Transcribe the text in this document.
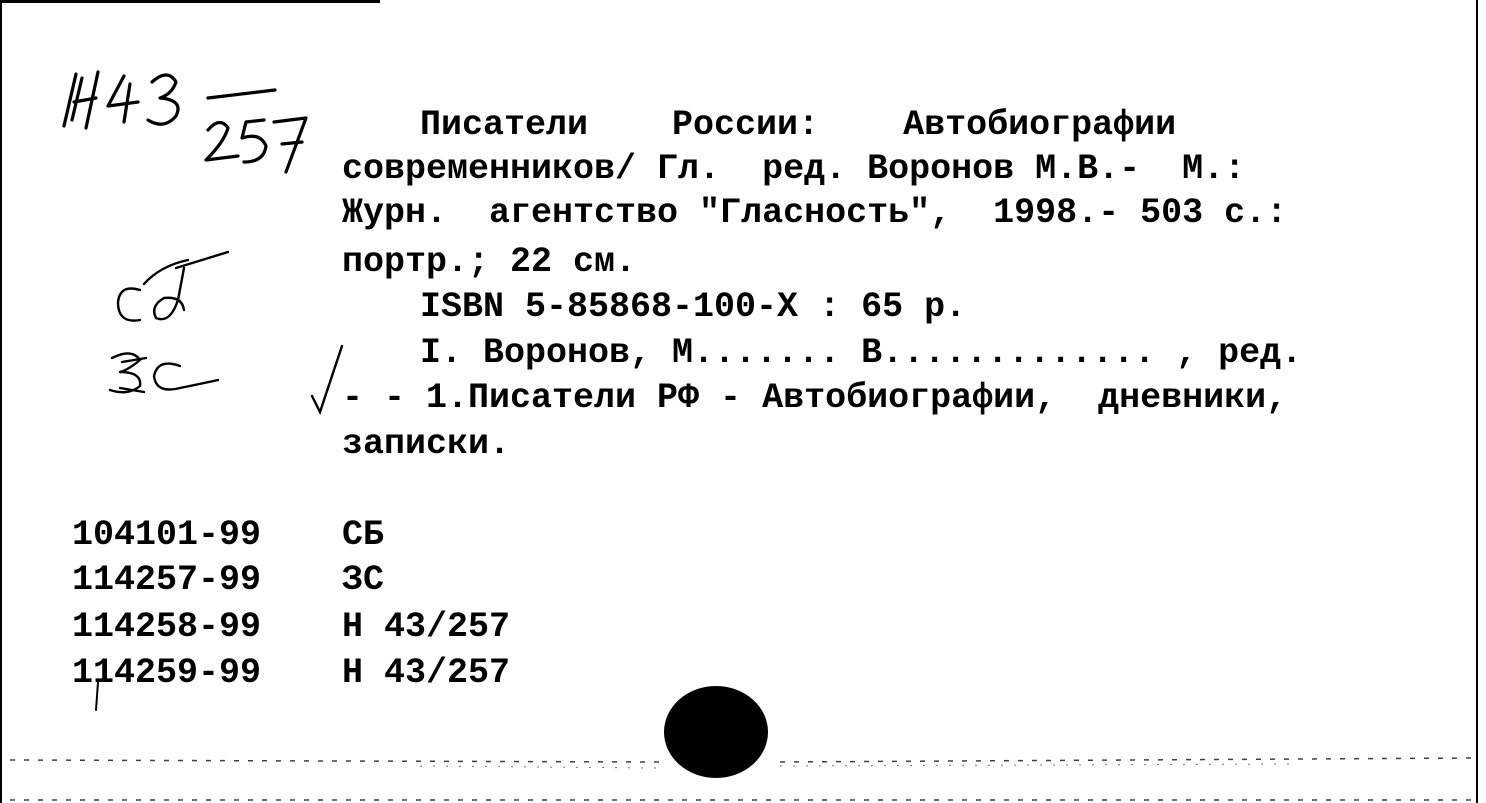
Писатели    России:    Автобиографии
современников/ Гл.  ред. Воронов М.В.-  М.:
Журн.  агентство "Гласность",  1998.- 503 с.:
портр.; 22 см.
ISBN 5-85868-100-X : 65 р.
I. Воронов, М....... В............. , ред.
- - 1.Писатели РФ - Автобиографии,  дневники,
записки.
104101-99 СБ
114257-99 ЗС
114258-99 Н 43/257
114259-99 Н 43/257
